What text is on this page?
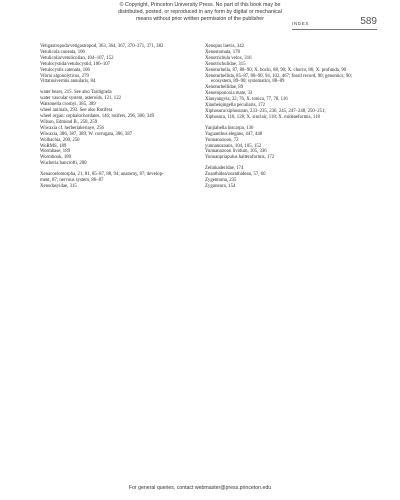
© Copyright, Princeton University Press. No part of this book may be
distributed, posted, or reproduced in any form by digital or mechanical
means without prior written permission of the publisher
INDEX	589
Vetigastropoda/vetigastropod, 363, 364, 367, 370–371, 371, 382
Vetulicola cuneata, 106
Vetulicolia/vetulicolian, 104–107, 152
Vetulocystida/vetulocystid, 106–107
Vetulocystis catenata, 106
Vibrio algonolyticus, 279
Vittatusivermis annularis, 84
water bears, 215. See also Tardigrada
water vascular system, asteroids, 121, 122
Watsonella crosbyi, 385, 389
wheel animals, 293. See also Rotifera
wheel organ: cephalochordates, 146; rotifers, 296, 300, 349
Wilson, Edmund B., 258, 259
Wiwaxia cf. herberiakeriaye, 256
Wiwaxia, 386, 387, 389; W. corrugata, 386, 387
Wolbachia, 200, 250
WoRMS, 189
Wormbase, 189
Wormbook, 189
Wucheria bancrofti, 200
Xenacoelomorpha, 21, 81, 85–87, 88, 94; anatomy, 87; develop-
ment, 87; nervous system, 86–87
Xenodasyidae, 315
Xenopus laevis, 342
Xenostomata, 178
Xenotrichula velox, 316
Xenotrichulidae, 315
Xenoturbella, 87, 88–90; X. bocki, 88, 90; X. churro, 86; X. profunda, 90
Xenoturbellida, 85–87, 88–90, 94, 102, 467; fossil record, 90; genomics, 90; ecosystem, 89–90; systematics, 88–89
Xenoturbellidae, 89
Xenotoponoxia mate, 33
Xiaoyangvia, 32, 76, X. tonica, 77, 78, 116
Xiaoheiqingella peculiaris, 172
Xiphosura/xiphosuran, 233–235, 236, 245, 247–248, 250–251;
Xiphosura, 118, 128; X. sinclair, 118; X. mideaeformis, 118
Yanjiahella biscarpa, 136
Yaguanthus elegans, 447, 448
Yunnanozoon, 72
yunnanozoans, 104, 105, 152
Yunnanozoon lividum, 105, 336
Yunnanpriapulus halteroformis, 172
Zelinkaderidae, 174
Zoanthidea/zoanthidean, 57, 60
Zygentoma, 235
Zygoneura, 154
For general queries, contact webmaster@press.princeton.edu
